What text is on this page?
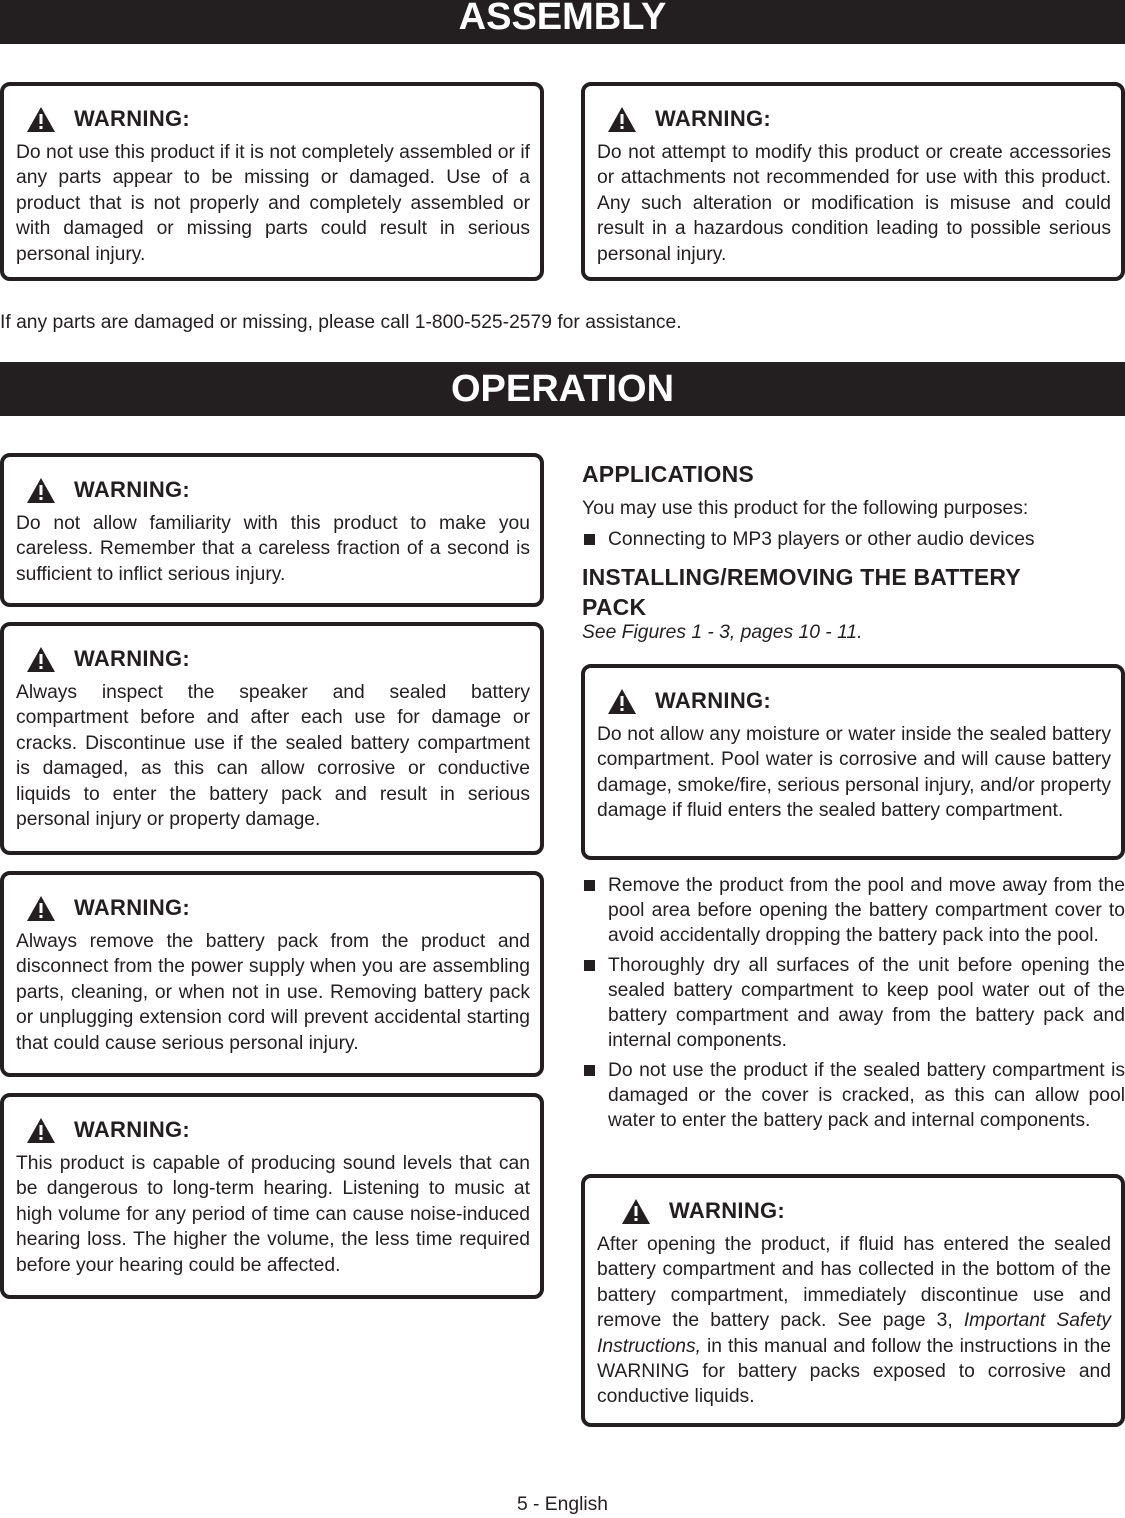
ASSEMBLY
WARNING:
Do not use this product if it is not completely assembled or if any parts appear to be missing or damaged. Use of a product that is not properly and completely assembled or with damaged or missing parts could result in serious personal injury.
WARNING:
Do not attempt to modify this product or create accessories or attachments not recommended for use with this product. Any such alteration or modification is misuse and could result in a hazardous condition leading to possible serious personal injury.
If any parts are damaged or missing, please call 1-800-525-2579 for assistance.
OPERATION
WARNING:
Do not allow familiarity with this product to make you careless. Remember that a careless fraction of a second is sufficient to inflict serious injury.
WARNING:
Always inspect the speaker and sealed battery compartment before and after each use for damage or cracks. Discontinue use if the sealed battery compartment is damaged, as this can allow corrosive or conductive liquids to enter the battery pack and result in serious personal injury or property damage.
WARNING:
Always remove the battery pack from the product and disconnect from the power supply when you are assembling parts, cleaning, or when not in use. Removing battery pack or unplugging extension cord will prevent accidental starting that could cause serious personal injury.
WARNING:
This product is capable of producing sound levels that can be dangerous to long-term hearing. Listening to music at high volume for any period of time can cause noise-induced hearing loss. The higher the volume, the less time required before your hearing could be affected.
APPLICATIONS
You may use this product for the following purposes:
Connecting to MP3 players or other audio devices
INSTALLING/REMOVING THE BATTERY
PACK
See Figures 1 - 3, pages 10 - 11.
WARNING:
Do not allow any moisture or water inside the sealed battery compartment. Pool water is corrosive and will cause battery damage, smoke/fire, serious personal injury, and/or property damage if fluid enters the sealed battery compartment.
Remove the product from the pool and move away from the pool area before opening the battery compartment cover to avoid accidentally dropping the battery pack into the pool.
Thoroughly dry all surfaces of the unit before opening the sealed battery compartment to keep pool water out of the battery compartment and away from the battery pack and internal components.
Do not use the product if the sealed battery compartment is damaged or the cover is cracked, as this can allow pool water to enter the battery pack and internal components.
WARNING:
After opening the product, if fluid has entered the sealed battery compartment and has collected in the bottom of the battery compartment, immediately discontinue use and remove the battery pack. See page 3, Important Safety Instructions, in this manual and follow the instructions in the WARNING for battery packs exposed to corrosive and conductive liquids.
5 - English
